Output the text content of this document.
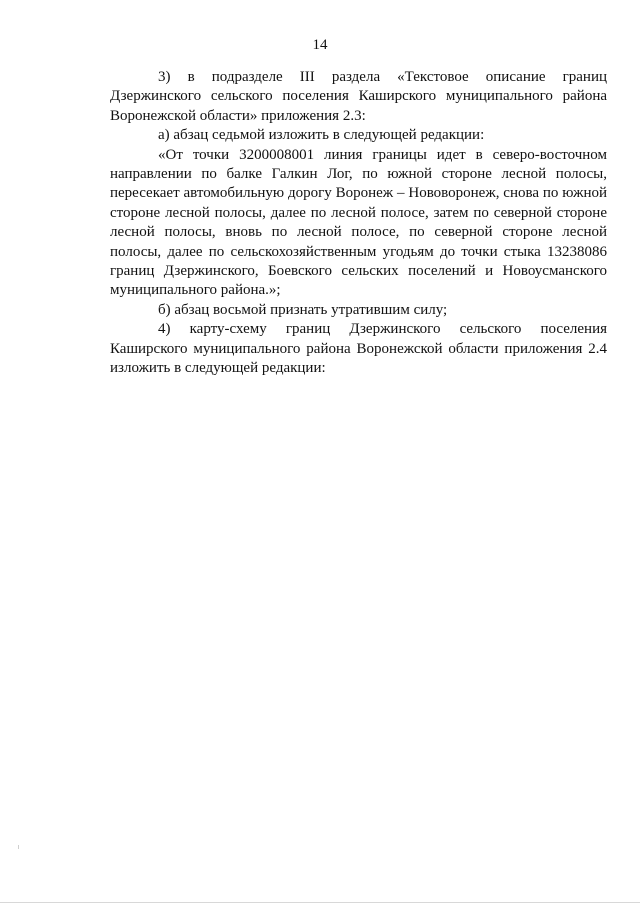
14

3) в подразделе III раздела «Текстовое описание границ Дзержинского сельского поселения Каширского муниципального района Воронежской области» приложения 2.3:

а) абзац седьмой изложить в следующей редакции:

«От точки 3200008001 линия границы идет в северо-восточном направлении по балке Галкин Лог, по южной стороне лесной полосы, пересекает автомобильную дорогу Воронеж – Нововоронеж, снова по южной стороне лесной полосы, далее по лесной полосе, затем по северной стороне лесной полосы, вновь по лесной полосе, по северной стороне лесной полосы, далее по сельскохозяйственным угодьям до точки стыка 13238086 границ Дзержинского, Боевского сельских поселений и Новоусманского муниципального района.»;

б) абзац восьмой признать утратившим силу;

4) карту-схему границ Дзержинского сельского поселения Каширского муниципального района Воронежской области приложения 2.4 изложить в следующей редакции:
